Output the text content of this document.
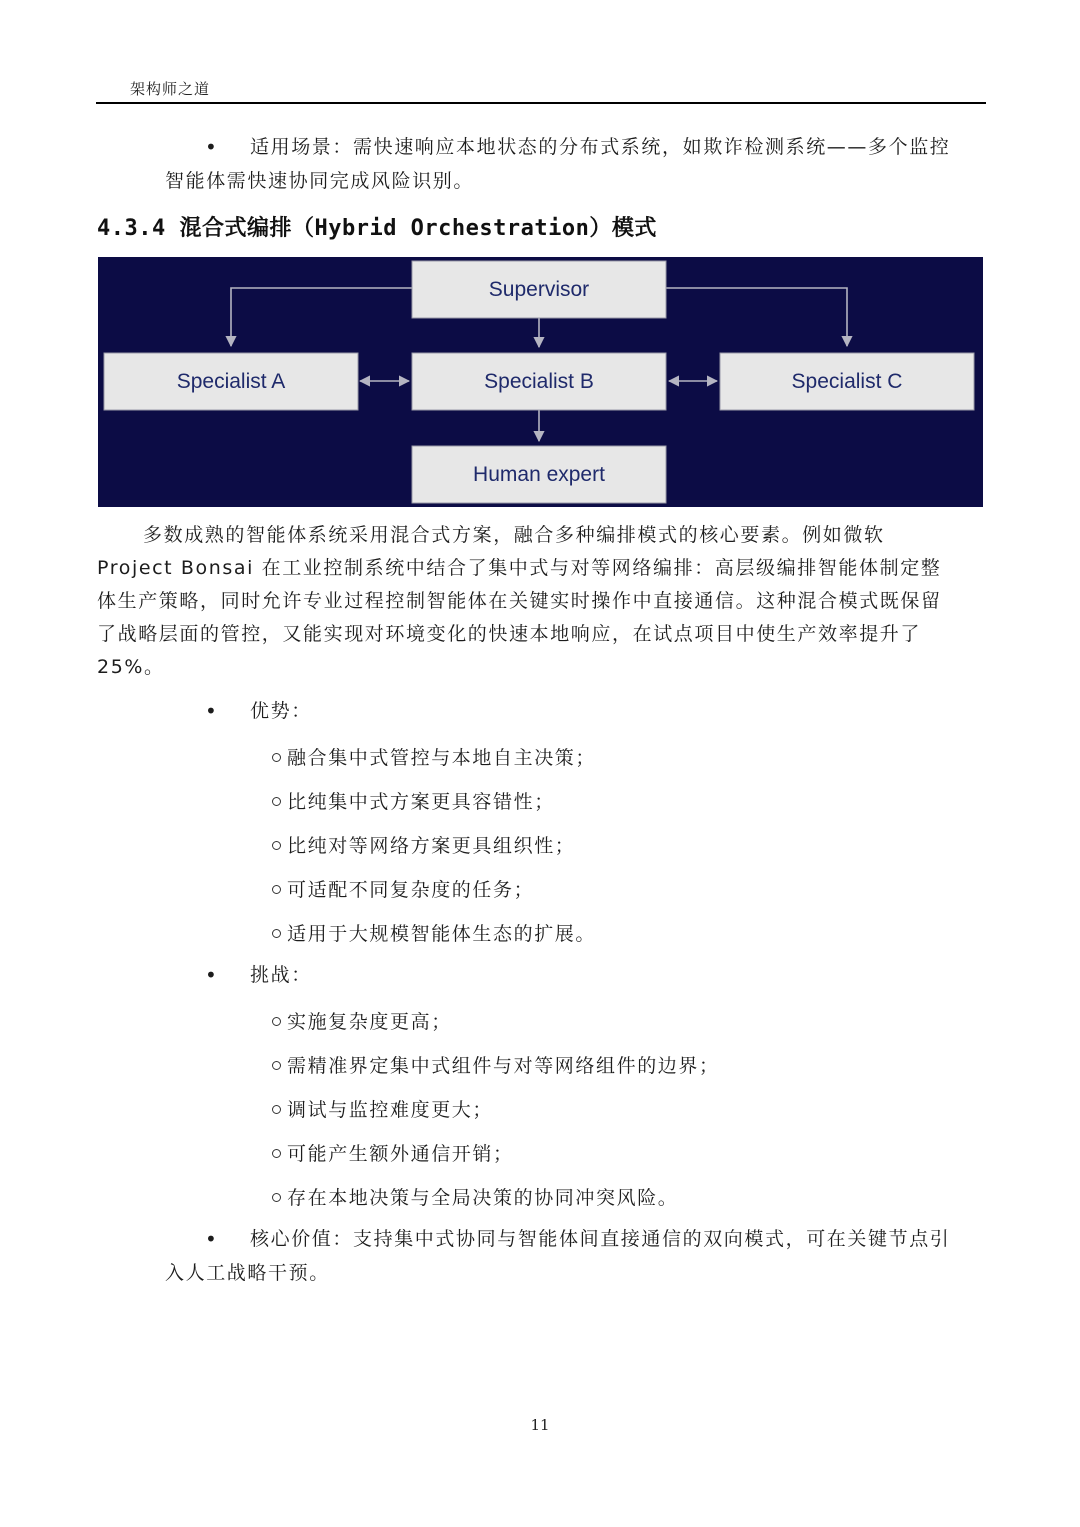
架构师之道
• 适用场景：需快速响应本地状态的分布式系统，如欺诈检测系统——多个监控
智能体需快速协同完成风险识别。
4.3.4 混合式编排（Hybrid Orchestration）模式
Supervisor
Specialist A	Specialist B	Specialist C
Human expert
多数成熟的智能体系统采用混合式方案，融合多种编排模式的核心要素。例如微软
Project Bonsai 在工业控制系统中结合了集中式与对等网络编排：高层级编排智能体制定整
体生产策略，同时允许专业过程控制智能体在关键实时操作中直接通信。这种混合模式既保留
了战略层面的管控，又能实现对环境变化的快速本地响应，在试点项目中使生产效率提升了
25%。
• 优势：
融合集中式管控与本地自主决策；
比纯集中式方案更具容错性；
比纯对等网络方案更具组织性；
可适配不同复杂度的任务；
适用于大规模智能体生态的扩展。
• 挑战：
实施复杂度更高；
需精准界定集中式组件与对等网络组件的边界；
调试与监控难度更大；
可能产生额外通信开销；
存在本地决策与全局决策的协同冲突风险。
• 核心价值：支持集中式协同与智能体间直接通信的双向模式，可在关键节点引
入人工战略干预。
11
